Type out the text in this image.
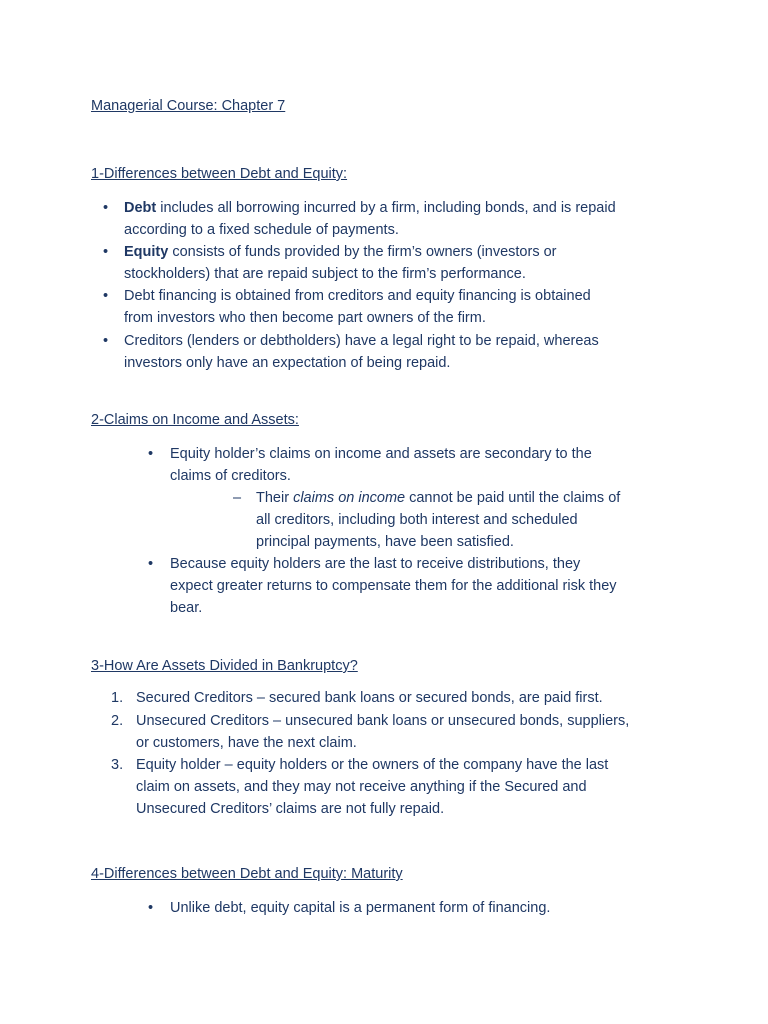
Managerial Course: Chapter 7
1-Differences between Debt and Equity:
• Debt includes all borrowing incurred by a firm, including bonds, and is repaid
according to a fixed schedule of payments.
• Equity consists of funds provided by the firm’s owners (investors or
stockholders) that are repaid subject to the firm’s performance.
• Debt financing is obtained from creditors and equity financing is obtained
from investors who then become part owners of the firm.
• Creditors (lenders or debtholders) have a legal right to be repaid, whereas
investors only have an expectation of being repaid.
2-Claims on Income and Assets:
• Equity holder’s claims on income and assets are secondary to the
claims of creditors.
– Their claims on income cannot be paid until the claims of
all creditors, including both interest and scheduled
principal payments, have been satisfied.
• Because equity holders are the last to receive distributions, they
expect greater returns to compensate them for the additional risk they
bear.
3-How Are Assets Divided in Bankruptcy?
1. Secured Creditors – secured bank loans or secured bonds, are paid first.
2. Unsecured Creditors – unsecured bank loans or unsecured bonds, suppliers,
or customers, have the next claim.
3. Equity holder – equity holders or the owners of the company have the last
claim on assets, and they may not receive anything if the Secured and
Unsecured Creditors’ claims are not fully repaid.
4-Differences between Debt and Equity: Maturity
• Unlike debt, equity capital is a permanent form of financing.
